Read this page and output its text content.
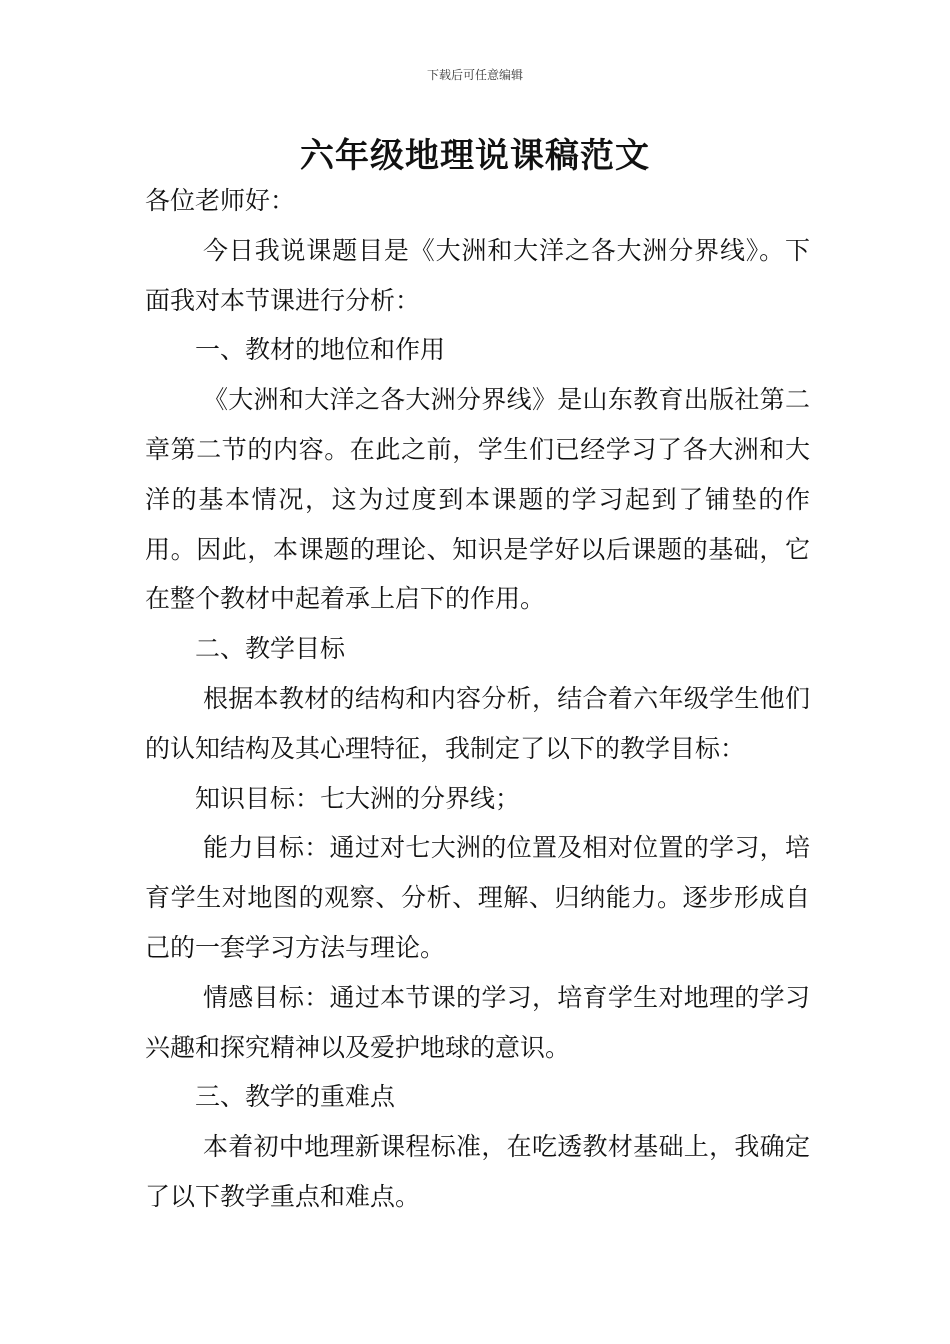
下载后可任意编辑
六年级地理说课稿范文

各位老师好：

今日我说课题目是《大洲和大洋之各大洲分界线》。下面我对本节课进行分析：

一、教材的地位和作用

《大洲和大洋之各大洲分界线》是山东教育出版社第二章第二节的内容。在此之前，学生们已经学习了各大洲和大洋的基本情况，这为过度到本课题的学习起到了铺垫的作用。因此，本课题的理论、知识是学好以后课题的基础，它在整个教材中起着承上启下的作用。

二、教学目标

根据本教材的结构和内容分析，结合着六年级学生他们的认知结构及其心理特征，我制定了以下的教学目标：

知识目标：七大洲的分界线；

能力目标：通过对七大洲的位置及相对位置的学习，培育学生对地图的观察、分析、理解、归纳能力。逐步形成自己的一套学习方法与理论。

情感目标：通过本节课的学习，培育学生对地理的学习兴趣和探究精神以及爱护地球的意识。

三、教学的重难点

本着初中地理新课程标准，在吃透教材基础上，我确定了以下教学重点和难点。
